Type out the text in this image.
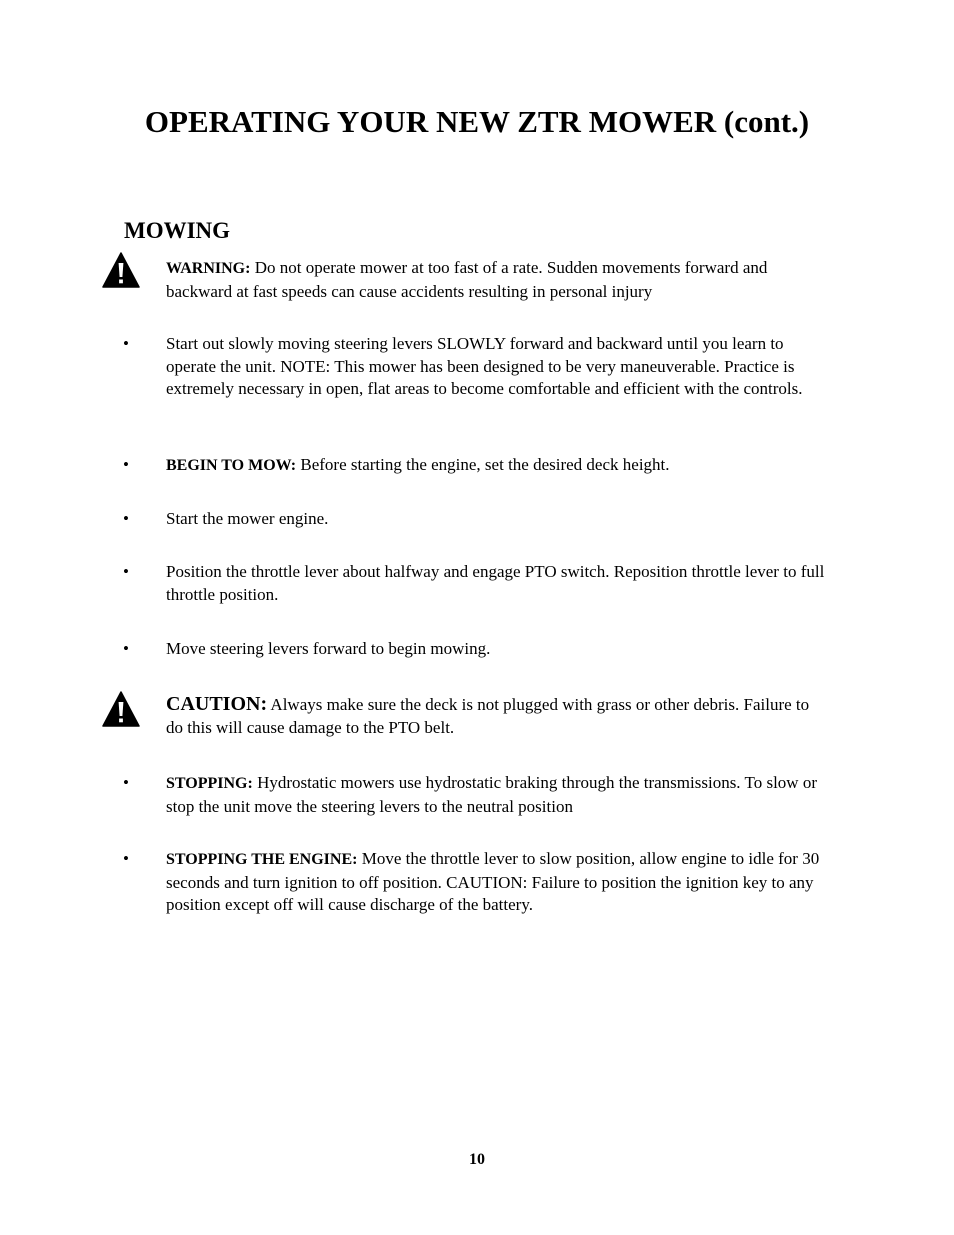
OPERATING YOUR NEW ZTR MOWER (cont.)
MOWING
WARNING: Do not operate mower at too fast of a rate. Sudden movements forward and backward at fast speeds can cause accidents resulting in personal injury
• Start out slowly moving steering levers SLOWLY forward and backward until you learn to operate the unit. NOTE: This mower has been designed to be very maneuverable. Practice is extremely necessary in open, flat areas to become comfortable and efficient with the controls.
• BEGIN TO MOW: Before starting the engine, set the desired deck height.
• Start the mower engine.
• Position the throttle lever about halfway and engage PTO switch. Reposition throttle lever to full throttle position.
• Move steering levers forward to begin mowing.
CAUTION: Always make sure the deck is not plugged with grass or other debris. Failure to do this will cause damage to the PTO belt.
• STOPPING: Hydrostatic mowers use hydrostatic braking through the transmissions. To slow or stop the unit move the steering levers to the neutral position
• STOPPING THE ENGINE: Move the throttle lever to slow position, allow engine to idle for 30 seconds and turn ignition to off position. CAUTION: Failure to position the ignition key to any position except off will cause discharge of the battery.
10
